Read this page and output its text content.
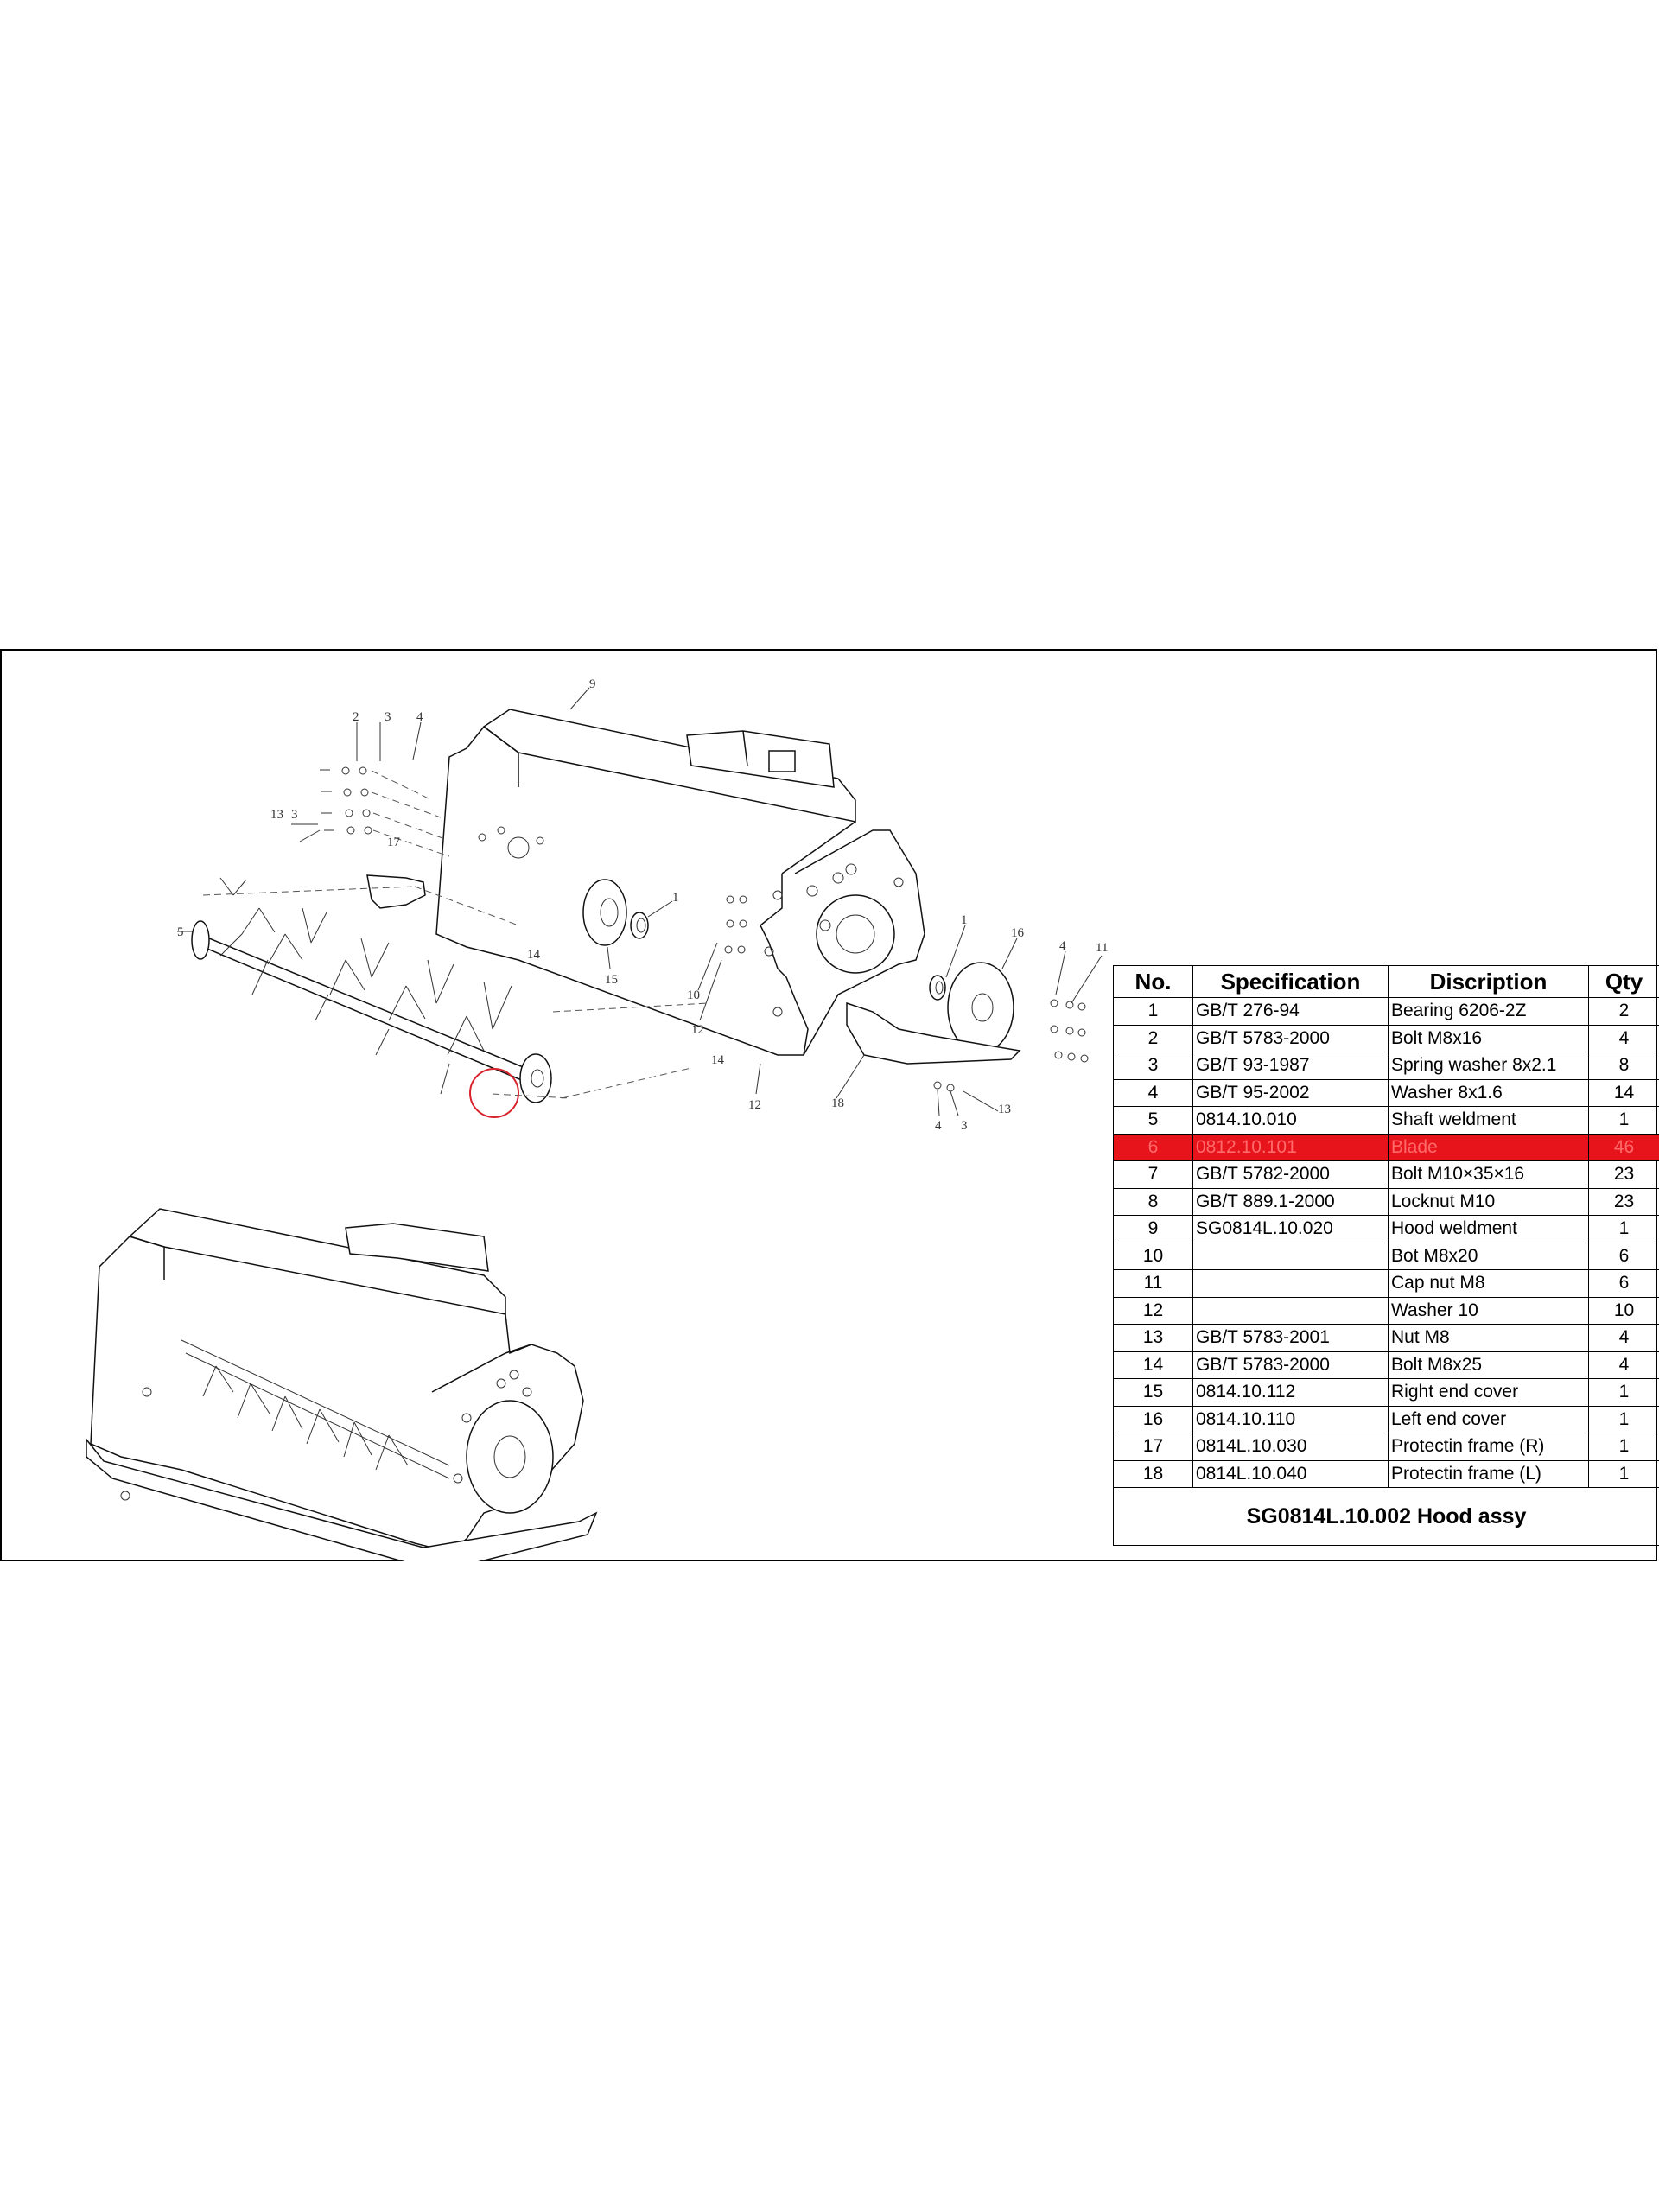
2 3 4
13 3
17
5
9
1
15
14
10
12
14
12
1
16
4 11
18
4 3
13
No.	Specification	Discription	Qty
1	GB/T 276-94	Bearing 6206-2Z	2
2	GB/T 5783-2000	Bolt M8x16	4
3	GB/T 93-1987	Spring washer 8x2.1	8
4	GB/T 95-2002	Washer 8x1.6	14
5	0814.10.010	Shaft weldment	1
6	0812.10.101	Blade	46
7	GB/T 5782-2000	Bolt M10×35×16	23
8	GB/T 889.1-2000	Locknut M10	23
9	SG0814L.10.020	Hood weldment	1
10		Bot M8x20	6
11		Cap nut M8	6
12		Washer 10	10
13	GB/T 5783-2001	Nut M8	4
14	GB/T 5783-2000	Bolt M8x25	4
15	0814.10.112	Right end cover	1
16	0814.10.110	Left end cover	1
17	0814L.10.030	Protectin frame (R)	1
18	0814L.10.040	Protectin frame (L)	1
SG0814L.10.002 Hood assy			
